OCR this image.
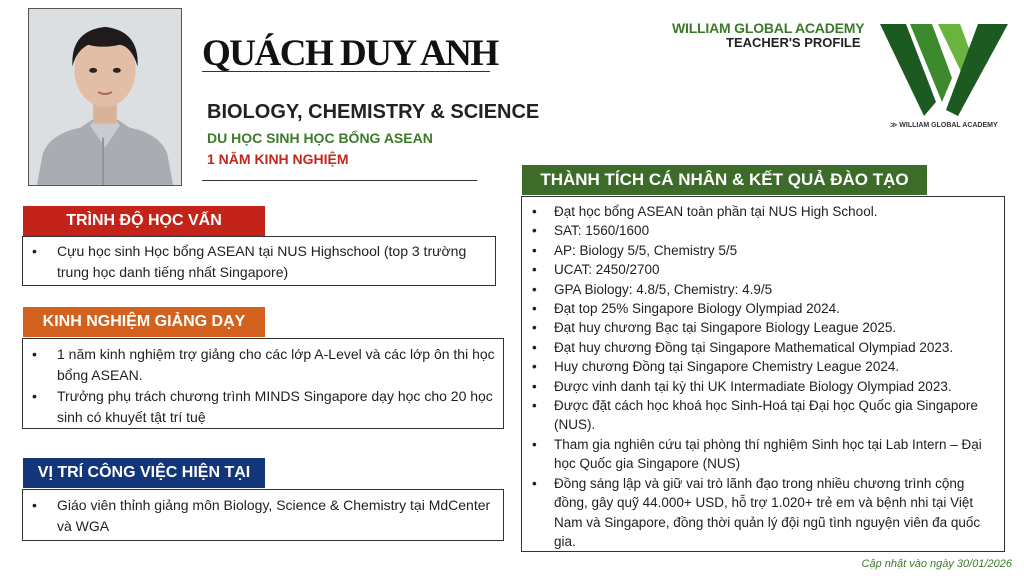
QUÁCH DUY ANH
BIOLOGY, CHEMISTRY & SCIENCE
DU HỌC SINH HỌC BỔNG ASEAN
1 NĂM KINH NGHIỆM
WILLIAM GLOBAL ACADEMY
TEACHER'S PROFILE
≫ WILLIAM GLOBAL ACADEMY
TRÌNH ĐỘ HỌC VẤN
• Cựu học sinh Học bổng ASEAN tại NUS Highschool (top 3 trường trung học danh tiếng nhất Singapore)
KINH NGHIỆM GIẢNG DẠY
• 1 năm kinh nghiệm trợ giảng cho các lớp A-Level và các lớp ôn thi học bổng ASEAN.
• Trưởng phụ trách chương trình MINDS Singapore dạy học cho 20 học sinh có khuyết tật trí tuệ
VỊ TRÍ CÔNG VIỆC HIỆN TẠI
• Giáo viên thỉnh giảng môn Biology, Science & Chemistry tại MdCenter và WGA
THÀNH TÍCH CÁ NHÂN & KẾT QUẢ ĐÀO TẠO
• Đạt học bổng ASEAN toàn phần tại NUS High School.
• SAT: 1560/1600
• AP: Biology 5/5, Chemistry 5/5
• UCAT: 2450/2700
• GPA Biology: 4.8/5, Chemistry: 4.9/5
• Đạt top 25% Singapore Biology Olympiad 2024.
• Đạt huy chương Bạc tại Singapore Biology League 2025.
• Đạt huy chương Đồng tại Singapore Mathematical Olympiad 2023.
• Huy chương Đồng tại Singapore Chemistry League 2024.
• Được vinh danh tại kỳ thi UK Intermadiate Biology Olympiad 2023.
• Được đặt cách học khoá học Sinh-Hoá tại Đại học Quốc gia Singapore (NUS).
• Tham gia nghiên cứu tại phòng thí nghiệm Sinh học tại Lab Intern – Đại học Quốc gia Singapore (NUS)
• Đồng sáng lập và giữ vai trò lãnh đạo trong nhiều chương trình cộng đồng, gây quỹ 44.000+ USD, hỗ trợ 1.020+ trẻ em và bệnh nhi tại Việt Nam và Singapore, đồng thời quản lý đội ngũ tình nguyện viên đa quốc gia.
Cập nhật vào ngày 30/01/2026
